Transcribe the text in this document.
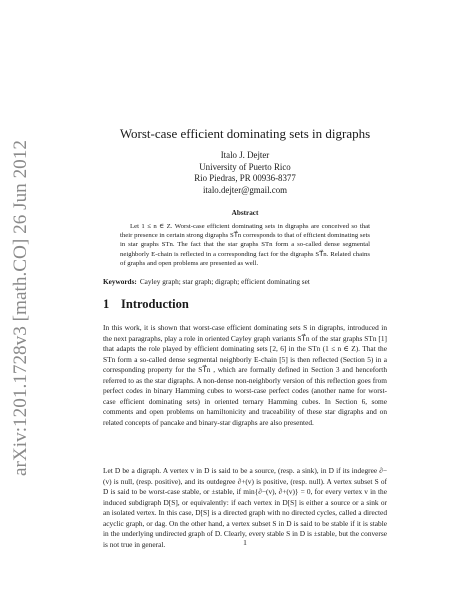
arXiv:1201.1728v3 [math.CO] 26 Jun 2012
Worst-case efficient dominating sets in digraphs
Italo J. Dejter
University of Puerto Rico
Rio Piedras, PR 00936-8377
italo.dejter@gmail.com
Abstract

Let 1 ≤ n ∈ Z. Worst-case efficient dominating sets in digraphs are conceived so that their presence in certain strong digraphs ST⃗n corresponds to that of efficient dominating sets in star graphs STn. The fact that the star graphs STn form a so-called dense segmental neighborly E-chain is reflected in a corresponding fact for the digraphs ST⃗n. Related chains of graphs and open problems are presented as well.

Keywords: Cayley graph; star graph; digraph; efficient dominating set
1 Introduction

In this work, it is shown that worst-case efficient dominating sets S in digraphs, introduced in the next paragraphs, play a role in oriented Cayley graph variants ST⃗n of the star graphs STn [1] that adapts the role played by efficient dominating sets [2, 6] in the STn (1 ≤ n ∈ Z). That the STn form a so-called dense segmental neighborly E-chain [5] is then reflected (Section 5) in a corresponding property for the ST⃗n , which are formally defined in Section 3 and henceforth referred to as the star digraphs. A non-dense non-neighborly version of this reflection goes from perfect codes in binary Hamming cubes to worst-case perfect codes (another name for worst-case efficient dominating sets) in oriented ternary Hamming cubes. In Section 6, some comments and open problems on hamiltonicity and traceability of these star digraphs and on related concepts of pancake and binary-star digraphs are also presented.

Let D be a digraph. A vertex v in D is said to be a source, (resp. a sink), in D if its indegree ∂−(v) is null, (resp. positive), and its outdegree ∂+(v) is positive, (resp. null). A vertex subset S of D is said to be worst-case stable, or ±stable, if min{∂−(v), ∂+(v)} = 0, for every vertex v in the induced subdigraph D[S], or equivalently: if each vertex in D[S] is either a source or a sink or an isolated vertex. In this case, D[S] is a directed graph with no directed cycles, called a directed acyclic graph, or dag. On the other hand, a vertex subset S in D is said to be stable if it is stable in the underlying undirected graph of D. Clearly, every stable S in D is ±stable, but the converse is not true in general.	1
